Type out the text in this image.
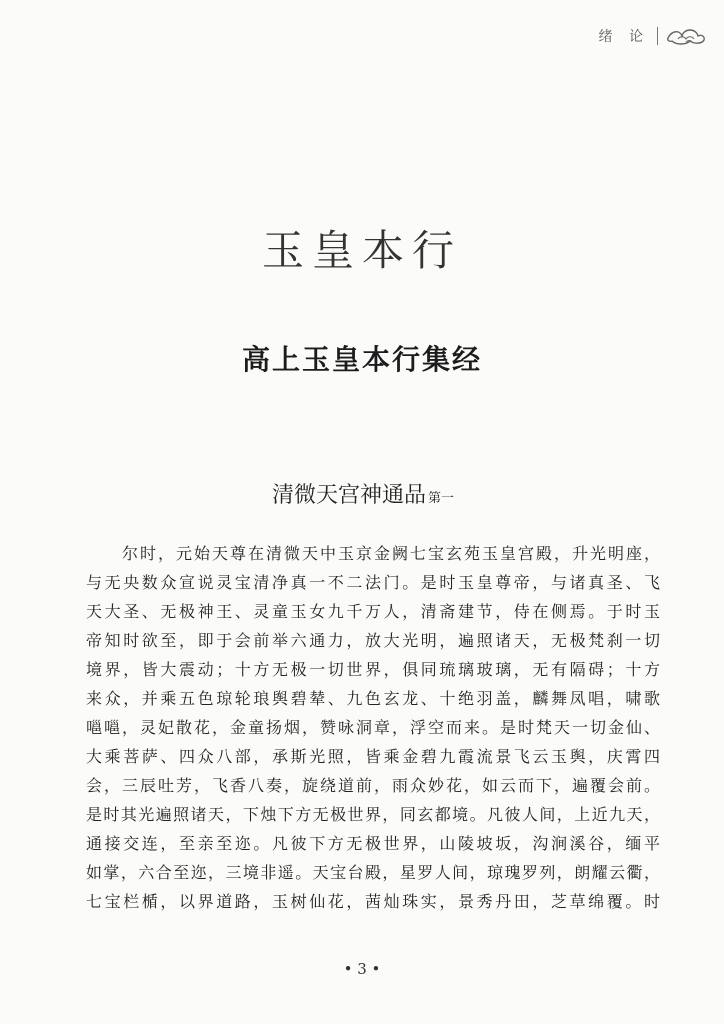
绪 论
玉皇本行
高上玉皇本行集经
清微天宫神通品 第一
　　尔时，元始天尊在清微天中玉京金阙七宝玄苑玉皇宫殿，升光明座，
与无央数众宣说灵宝清净真一不二法门。是时玉皇尊帝，与诸真圣、飞
天大圣、无极神王、灵童玉女九千万人，清斋建节，侍在侧焉。于时玉
帝知时欲至，即于会前举六通力，放大光明，遍照诸天，无极梵刹一切
境界，皆大震动；十方无极一切世界，俱同琉璃玻璃，无有隔碍；十方
来众，并乘五色琼轮琅舆碧辇、九色玄龙、十绝羽盖，麟舞凤唱，啸歌
嗈嗈，灵妃散花，金童扬烟，赞咏洞章，浮空而来。是时梵天一切金仙、
大乘菩萨、四众八部，承斯光照，皆乘金碧九霞流景飞云玉舆，庆霄四
会，三辰吐芳，飞香八奏，旋绕道前，雨众妙花，如云而下，遍覆会前。
是时其光遍照诸天，下烛下方无极世界，同玄都境。凡彼人间，上近九天，
通接交连，至亲至迩。凡彼下方无极世界，山陵坡坂，沟涧溪谷，缅平
如掌，六合至迩，三境非遥。天宝台殿，星罗人间，琼瑰罗列，朗耀云衢，
七宝栏楯，以界道路，玉树仙花，茜灿珠实，景秀丹田，芝草绵覆。时
• 3 •
